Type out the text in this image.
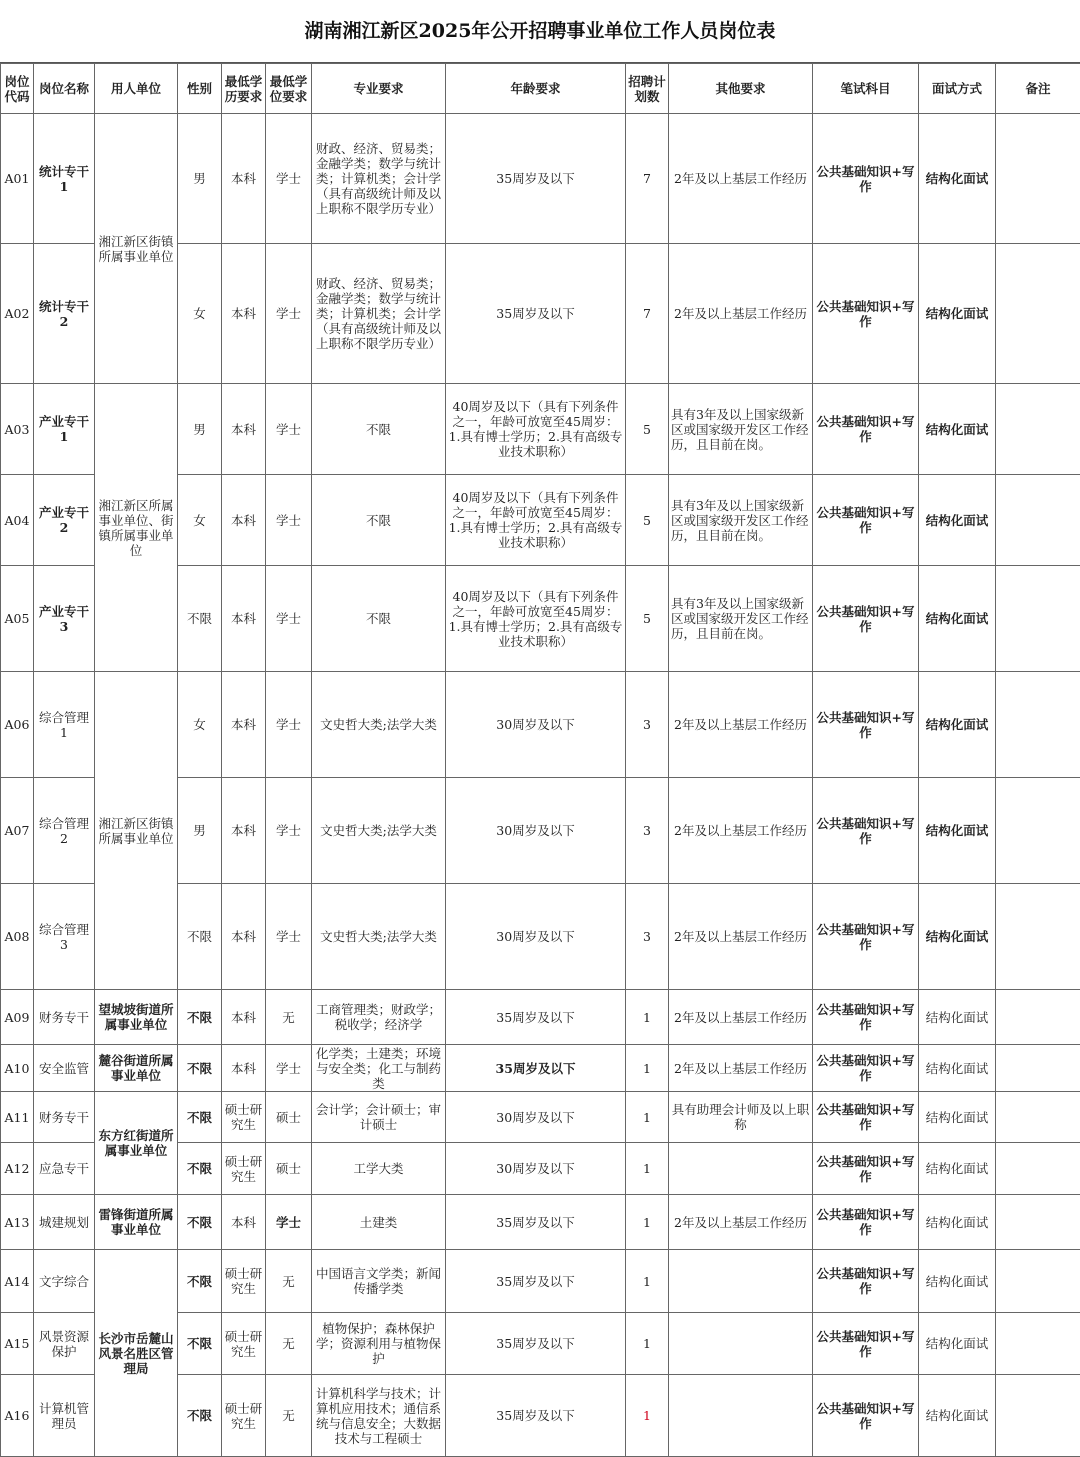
湖南湘江新区2025年公开招聘事业单位工作人员岗位表
岗位代码	岗位名称	用人单位	性别	最低学历要求	最低学位要求	专业要求	年龄要求	招聘计划数	其他要求	笔试科目	面试方式	备注
A01	统计专干1	湘江新区街镇所属事业单位	男	本科	学士	财政、经济、贸易类；金融学类；数学与统计类；计算机类；会计学（具有高级统计师及以上职称不限学历专业）	35周岁及以下	7	2年及以上基层工作经历	公共基础知识+写作	结构化面试	
A02	统计专干2		女	本科	学士	财政、经济、贸易类；金融学类；数学与统计类；计算机类；会计学（具有高级统计师及以上职称不限学历专业）	35周岁及以下	7	2年及以上基层工作经历	公共基础知识+写作	结构化面试	
A03	产业专干1	湘江新区所属事业单位、街镇所属事业单位	男	本科	学士	不限	40周岁及以下（具有下列条件之一，年龄可放宽至45周岁：1.具有博士学历；2.具有高级专业技术职称）	5	具有3年及以上国家级新区或国家级开发区工作经历，且目前在岗。	公共基础知识+写作	结构化面试	
A04	产业专干2		女	本科	学士	不限	40周岁及以下（具有下列条件之一，年龄可放宽至45周岁：1.具有博士学历；2.具有高级专业技术职称）	5	具有3年及以上国家级新区或国家级开发区工作经历，且目前在岗。	公共基础知识+写作	结构化面试	
A05	产业专干3		不限	本科	学士	不限	40周岁及以下（具有下列条件之一，年龄可放宽至45周岁：1.具有博士学历；2.具有高级专业技术职称）	5	具有3年及以上国家级新区或国家级开发区工作经历，且目前在岗。	公共基础知识+写作	结构化面试	
A06	综合管理1	湘江新区街镇所属事业单位	女	本科	学士	文史哲大类;法学大类	30周岁及以下	3	2年及以上基层工作经历	公共基础知识+写作	结构化面试	
A07	综合管理2		男	本科	学士	文史哲大类;法学大类	30周岁及以下	3	2年及以上基层工作经历	公共基础知识+写作	结构化面试	
A08	综合管理3		不限	本科	学士	文史哲大类;法学大类	30周岁及以下	3	2年及以上基层工作经历	公共基础知识+写作	结构化面试	
A09	财务专干	望城坡街道所属事业单位	不限	本科	无	工商管理类；财政学；税收学；经济学	35周岁及以下	1	2年及以上基层工作经历	公共基础知识+写作	结构化面试	
A10	安全监管	麓谷街道所属事业单位	不限	本科	学士	化学类；土建类；环境与安全类；化工与制药类	35周岁及以下	1	2年及以上基层工作经历	公共基础知识+写作	结构化面试	
A11	财务专干	东方红街道所属事业单位	不限	硕士研究生	硕士	会计学；会计硕士；审计硕士	30周岁及以下	1	具有助理会计师及以上职称	公共基础知识+写作	结构化面试	
A12	应急专干		不限	硕士研究生	硕士	工学大类	30周岁及以下	1		公共基础知识+写作	结构化面试	
A13	城建规划	雷锋街道所属事业单位	不限	本科	学士	土建类	35周岁及以下	1	2年及以上基层工作经历	公共基础知识+写作	结构化面试	
A14	文字综合	长沙市岳麓山风景名胜区管理局	不限	硕士研究生	无	中国语言文学类；新闻传播学类	35周岁及以下	1		公共基础知识+写作	结构化面试	
A15	风景资源保护		不限	硕士研究生	无	植物保护；森林保护学；资源利用与植物保护	35周岁及以下	1		公共基础知识+写作	结构化面试	
A16	计算机管理员		不限	硕士研究生	无	计算机科学与技术；计算机应用技术；通信系统与信息安全；大数据技术与工程硕士	35周岁及以下	1		公共基础知识+写作	结构化面试	
